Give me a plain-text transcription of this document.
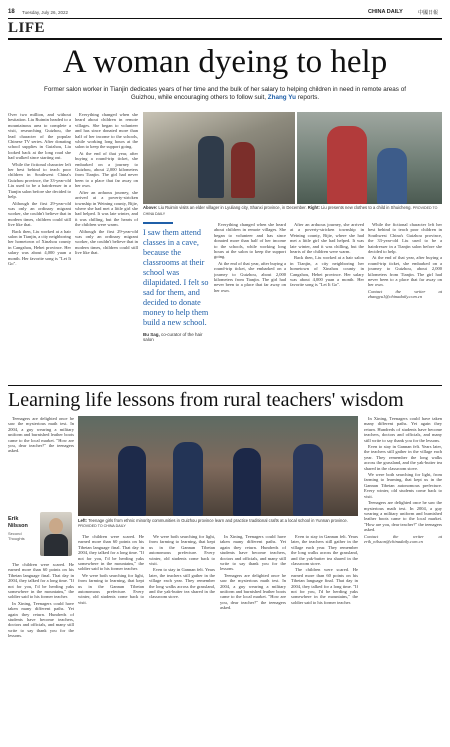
18 Tuesday, July 26, 2022	CHINA DAILY	中國日報
LIFE
A woman dyeing to help
Former salon worker in Tianjin dedicates years of her time and the bulk of her salary to helping children in need in remote areas of Guizhou, while encouraging others to follow suit, Zhang Yu reports.

Over two million, and without hesitation. Liu Ruimin headed to a mountainous area to complete a visit, researching Guizhou, the lead character of the popular Chinese TV series. After donating school supplies in Guizhou, Liu looked back at the long road she had walked since starting out.

While the fictional character left her best behind to teach poor children in Southwest China's Guizhou province, the 33-year-old Liu used to be a hairdresser in a Tianjin salon before she decided to help.

Although the first 29-year-old was only an ordinary migrant worker, she couldn't believe that in modern times, children could still live like that.

Back then, Liu worked at a hair salon in Tianjin, a city neighboring her hometown of Xinzhou county in Cangzhou, Hebei province. Her salary was about 4,000 yuan a month. Her favorite song is "Let It Go".

Everything changed when she heard about children in remote villages. She began to volunteer and has since donated more than half of her income to the schools, while working long hours at the salon to keep the support going.

At the end of that year, after buying a round-trip ticket, she embarked on a journey to Guizhou, about 2,000 kilometers from Tianjin. The girl had never been to a place that far away on her own.

After an arduous journey, she arrived at a poverty-stricken township in Weining county, Bijie, where she had met a little girl she had helped. It was late winter, and it was chilling, but the hearts of the children were warm.

Although the first 29-year-old was only an ordinary migrant worker, she couldn't believe that in modern times, children could still live like that.

Above: Liu Ruimin visits an elder villager in Lyuliang city, Shanxi province, in December. Right: Liu presents new clothes to a child in Shuicheng. PROVIDED TO CHINA DAILY
I saw them attend classes in a cave, because the classrooms at their school was dilapidated. I felt so sad for them, and decided to donate money to help them build a new school.
Bu Sag, co-curator of the hair salon

Everything changed when she heard about children in remote villages. She began to volunteer and has since donated more than half of her income to the schools, while working long hours at the salon to keep the support going.

At the end of that year, after buying a round-trip ticket, she embarked on a journey to Guizhou, about 2,000 kilometers from Tianjin. The girl had never been to a place that far away on her own.

After an arduous journey, she arrived at a poverty-stricken township in Weining county, Bijie, where she had met a little girl she had helped. It was late winter, and it was chilling, but the hearts of the children were warm.

Back then, Liu worked at a hair salon in Tianjin, a city neighboring her hometown of Xinzhou county in Cangzhou, Hebei province. Her salary was about 4,000 yuan a month. Her favorite song is "Let It Go".

While the fictional character left her best behind to teach poor children in Southwest China's Guizhou province, the 33-year-old Liu used to be a hairdresser in a Tianjin salon before she decided to help.

At the end of that year, after buying a round-trip ticket, she embarked on a journey to Guizhou, about 2,000 kilometers from Tianjin. The girl had never been to a place that far away on her own.

Contact the writer at zhangyu1@chinadaily.com.cn

Learning life lessons from rural teachers' wisdom

Teenagers are delighted once he saw the mysterious math test. In 2004, a guy wearing a military uniform and burnished leather boots came to the local market. "How are you, dear teacher?" the teenagers asked.

Erik Nilsson
Second Thoughts

The children were scared. He earned more than 60 points on his Tibetan language final. That day in 2004, they talked for a long time. "If not for you, I'd be herding yaks somewhere in the mountains," the soldier said to his former teacher.

In Xining, Teenagers could have taken many different paths. Yet again they return. Hundreds of students have become teachers, doctors and officials, and many still write to say thank you for the lessons.

Left: Teenage girls from ethnic minority communities in Guizhou province learn and practice traditional crafts at a local school in Yunnan province. PROVIDED TO CHINA DAILY

The children were scared. He earned more than 60 points on his Tibetan language final. That day in 2004, they talked for a long time. "If not for you, I'd be herding yaks somewhere in the mountains," the soldier said to his former teacher.

We were both searching for light, from farming to learning, that kept us in the Gannan Tibetan autonomous prefecture. Every winter, old students come back to visit.

We were both searching for light, from farming to learning, that kept us in the Gannan Tibetan autonomous prefecture. Every winter, old students come back to visit.

Even to stay in Gannan felt. Years later, the teachers still gather in the village each year. They remember the long walks across the grassland, and the yak-butter tea shared in the classroom stove.

In Xining, Teenagers could have taken many different paths. Yet again they return. Hundreds of students have become teachers, doctors and officials, and many still write to say thank you for the lessons.

Teenagers are delighted once he saw the mysterious math test. In 2004, a guy wearing a military uniform and burnished leather boots came to the local market. "How are you, dear teacher?" the teenagers asked.

Even to stay in Gannan felt. Years later, the teachers still gather in the village each year. They remember the long walks across the grassland, and the yak-butter tea shared in the classroom stove.

The children were scared. He earned more than 60 points on his Tibetan language final. That day in 2004, they talked for a long time. "If not for you, I'd be herding yaks somewhere in the mountains," the soldier said to his former teacher.

In Xining, Teenagers could have taken many different paths. Yet again they return. Hundreds of students have become teachers, doctors and officials, and many still write to say thank you for the lessons.

Even to stay in Gannan felt. Years later, the teachers still gather in the village each year. They remember the long walks across the grassland, and the yak-butter tea shared in the classroom stove.

We were both searching for light, from farming to learning, that kept us in the Gannan Tibetan autonomous prefecture. Every winter, old students come back to visit.

Teenagers are delighted once he saw the mysterious math test. In 2004, a guy wearing a military uniform and burnished leather boots came to the local market. "How are you, dear teacher?" the teenagers asked.

Contact the writer at erik_nilsson@chinadaily.com.cn
